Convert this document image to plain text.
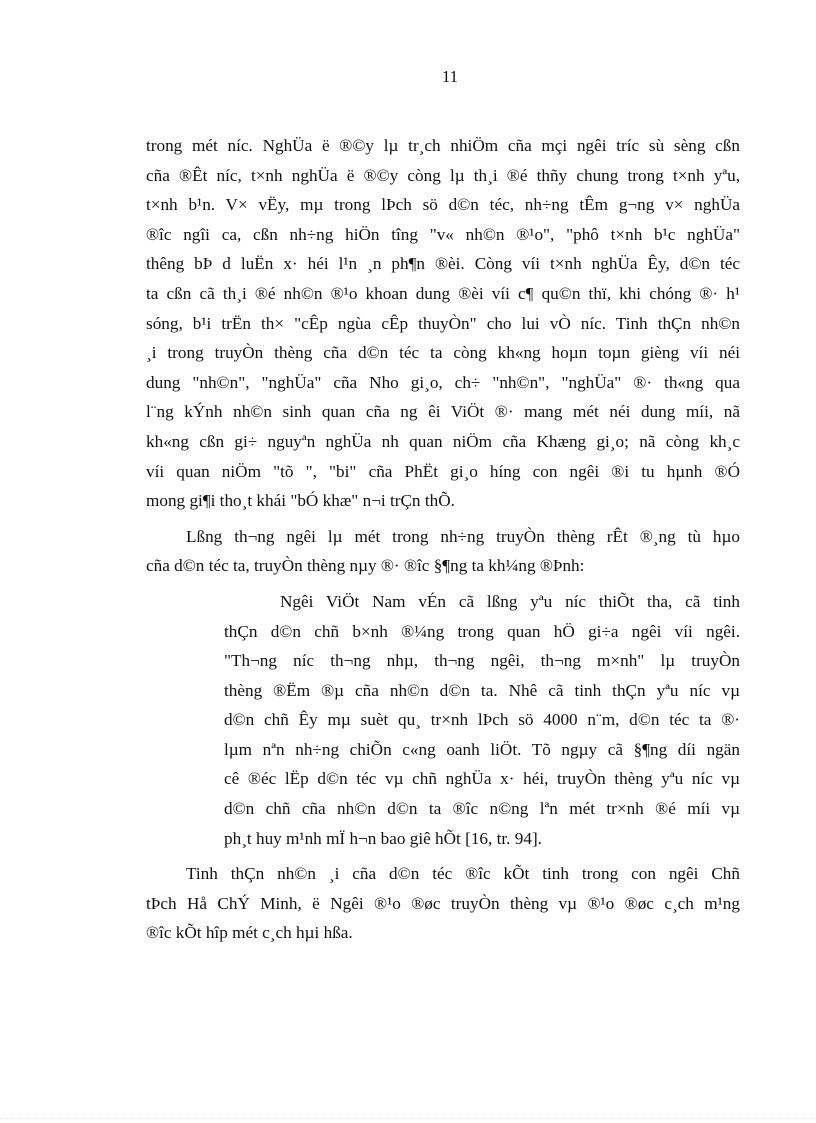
11
trong mét níc. NghÜa ë ®©y lµ tr¸ch nhiÖm cña mçi ngêi tríc sù sèng cßn
cña ®Êt níc, t×nh nghÜa ë ®©y còng lµ th¸i ®é thñy chung trong t×nh yªu,
t×nh b¹n. V× vËy, mµ trong lÞch sö d©n téc, nh÷ng tÊm g¬ng v× nghÜa
®îc ngîi ca, cßn nh÷ng hiÖn tîng "v« nh©n ®¹o", "phô t×nh b¹c nghÜa"
thêng bÞ d luËn x· héi l¹n ¸n ph¶n ®èi. Còng víi t×nh nghÜa Êy, d©n téc
ta cßn cã th¸i ®é nh©n ®¹o khoan dung ®èi víi c¶ qu©n thï, khi chóng ®· h¹
sóng, b¹i trËn th× "cÊp ngùa cÊp thuyÒn" cho lui vÒ níc. Tinh thÇn nh©n
¸i trong truyÒn thèng cña d©n téc ta còng kh«ng hoµn toµn gièng víi néi
dung "nh©n", "nghÜa" cña Nho gi¸o, ch÷ "nh©n", "nghÜa" ®· th«ng qua
l¨ng kÝnh nh©n sinh quan cña ng êi ViÖt ®· mang mét néi dung míi, nã
kh«ng cßn gi÷ nguyªn nghÜa nh quan niÖm cña Khæng gi¸o; nã còng kh¸c
víi quan niÖm "tõ ", "bi" cña PhËt gi¸o híng con ngêi ®i tu hµnh ®Ó
mong gi¶i tho¸t khái "bÓ khæ" n¬i trÇn thÕ.
Lßng th¬ng ngêi lµ mét trong nh÷ng truyÒn thèng rÊt ®¸ng tù hµo
cña d©n téc ta, truyÒn thèng nµy ®· ®îc §¶ng ta kh¼ng ®Þnh:
Ngêi ViÖt Nam vÉn cã lßng yªu níc thiÕt tha, cã tinh
thÇn d©n chñ b×nh ®¼ng trong quan hÖ gi÷a ngêi víi ngêi.
"Th¬ng níc th¬ng nhµ, th¬ng ngêi, th¬ng m×nh" lµ truyÒn
thèng ®Ëm ®µ cña nh©n d©n ta. Nhê cã tinh thÇn yªu níc vµ
d©n chñ Êy mµ suèt qu¸ tr×nh lÞch sö 4000 n¨m, d©n téc ta ®·
lµm nªn nh÷ng chiÕn c«ng oanh liÖt. Tõ ngµy cã §¶ng díi ngän
cê ®éc lËp d©n téc vµ chñ nghÜa x· héi, truyÒn thèng yªu níc vµ
d©n chñ cña nh©n d©n ta ®îc n©ng lªn mét tr×nh ®é míi vµ
ph¸t huy m¹nh mÏ h¬n bao giê hÕt [16, tr. 94].
Tinh thÇn nh©n ¸i cña d©n téc ®îc kÕt tinh trong con ngêi Chñ
tÞch Hå ChÝ Minh, ë Ngêi ®¹o ®øc truyÒn thèng vµ ®¹o ®øc c¸ch m¹ng
®îc kÕt hîp mét c¸ch hµi hßa.
